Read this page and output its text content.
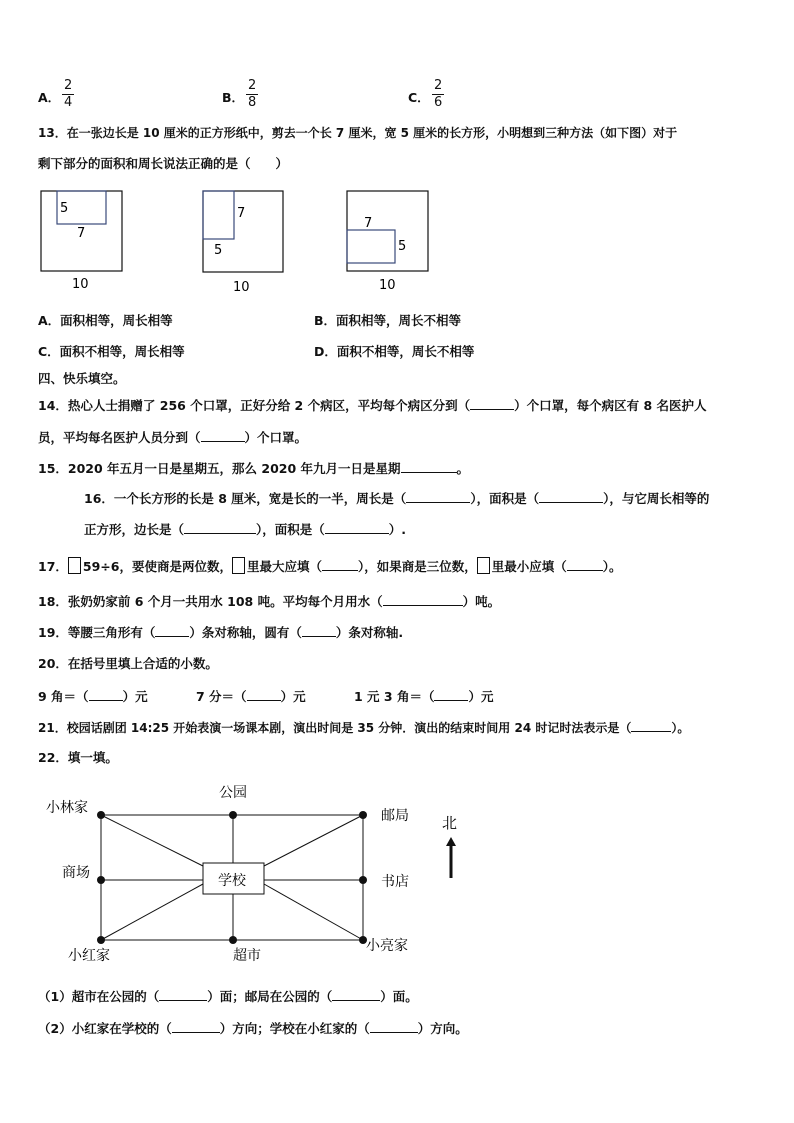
A． $\frac{2}{4}$	B． $\frac{2}{8}$	C． $\frac{2}{6}$
13．在一张边长是 10 厘米的正方形纸中，剪去一个长 7 厘米，宽 5 厘米的长方形，小明想到三种方法（如下图）对于
剩下部分的面积和周长说法正确的是（　　）
5
7
10
7
5
10
7
5
10
A．面积相等，周长相等	B．面积相等，周长不相等
C．面积不相等，周长相等	D．面积不相等，周长不相等
四、快乐填空。
14．热心人士捐赠了 256 个口罩，正好分给 2 个病区，平均每个病区分到（	）个口罩，每个病区有 8 名医护人
员，平均每名医护人员分到（	）个口罩。
15．2020 年五月一日是星期五，那么 2020 年九月一日是星期	。
16．一个长方形的长是 8 厘米，宽是长的一半，周长是（	），面积是（	），与它周长相等的
正方形，边长是（	），面积是（	）.
17． 59÷6，要使商是两位数， 里最大应填（	），如果商是三位数， 里最小应填（	）。
18．张奶奶家前 6 个月一共用水 108 吨。平均每个月用水（	）吨。
19．等腰三角形有（	）条对称轴，圆有（	）条对称轴.
20．在括号里填上合适的小数。
9 角＝（	）元	7 分＝（	）元	1 元 3 角＝（	）元
21．校园话剧团 14:25 开始表演一场课本剧，演出时间是 35 分钟．演出的结束时间用 24 时记时法表示是（	）。
22．填一填。
小林家
公园
邮局
商场	学校	书店
小红家	超市
小亮家
北
（1）超市在公园的（	）面；邮局在公园的（	）面。
（2）小红家在学校的（	）方向；学校在小红家的（	）方向。
